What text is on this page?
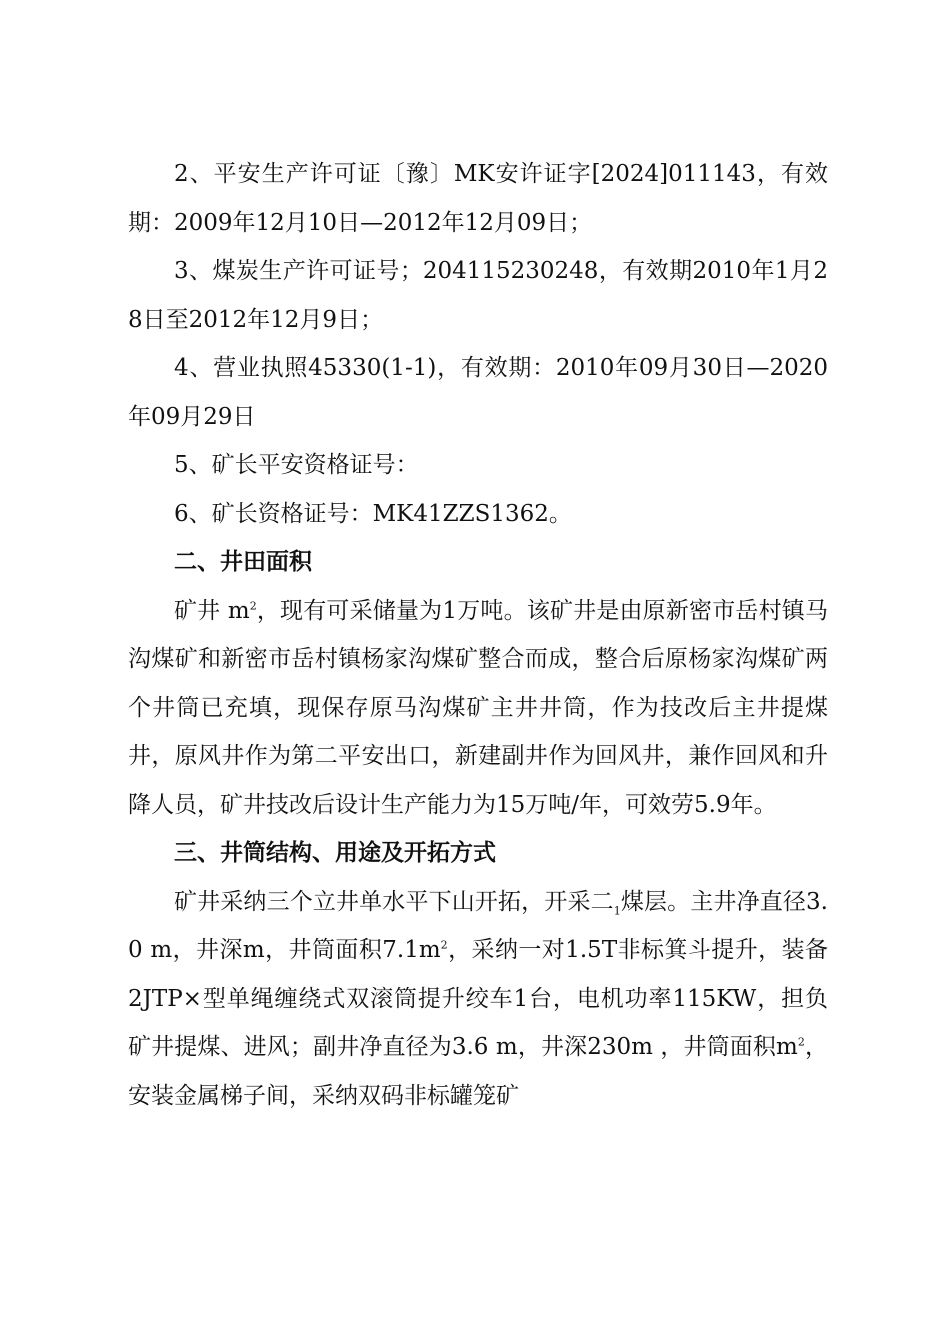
2、平安生产许可证〔豫〕MK安许证字[2024]011143，有效期：2009年12月10日—2012年12月09日；

3、煤炭生产许可证号；204115230248，有效期2010年1月28日至2012年12月9日；

4、营业执照45330(1-1)，有效期：2010年09月30日—2020年09月29日

5、矿长平安资格证号：

6、矿长资格证号：MK41ZZS1362。

二、井田面积

矿井 $m^2$，现有可采储量为1万吨。该矿井是由原新密市岳村镇马沟煤矿和新密市岳村镇杨家沟煤矿整合而成，整合后原杨家沟煤矿两个井筒已充填，现保存原马沟煤矿主井井筒，作为技改后主井提煤井，原风井作为第二平安出口，新建副井作为回风井，兼作回风和升降人员，矿井技改后设计生产能力为15万吨/年，可效劳5.9年。

三、井筒结构、用途及开拓方式

矿井采纳三个立井单水平下山开拓，开采二$_1$煤层。主井净直径3.0 m，井深m，井筒面积$7.1m^2$，采纳一对1.5T非标箕斗提升，装备2JTP×型单绳缠绕式双滚筒提升绞车1台，电机功率115KW，担负矿井提煤、进风；副井净直径为3.6 m，井深230m ，井筒面积$m^2$，安装金属梯子间，采纳双码非标罐笼矿
